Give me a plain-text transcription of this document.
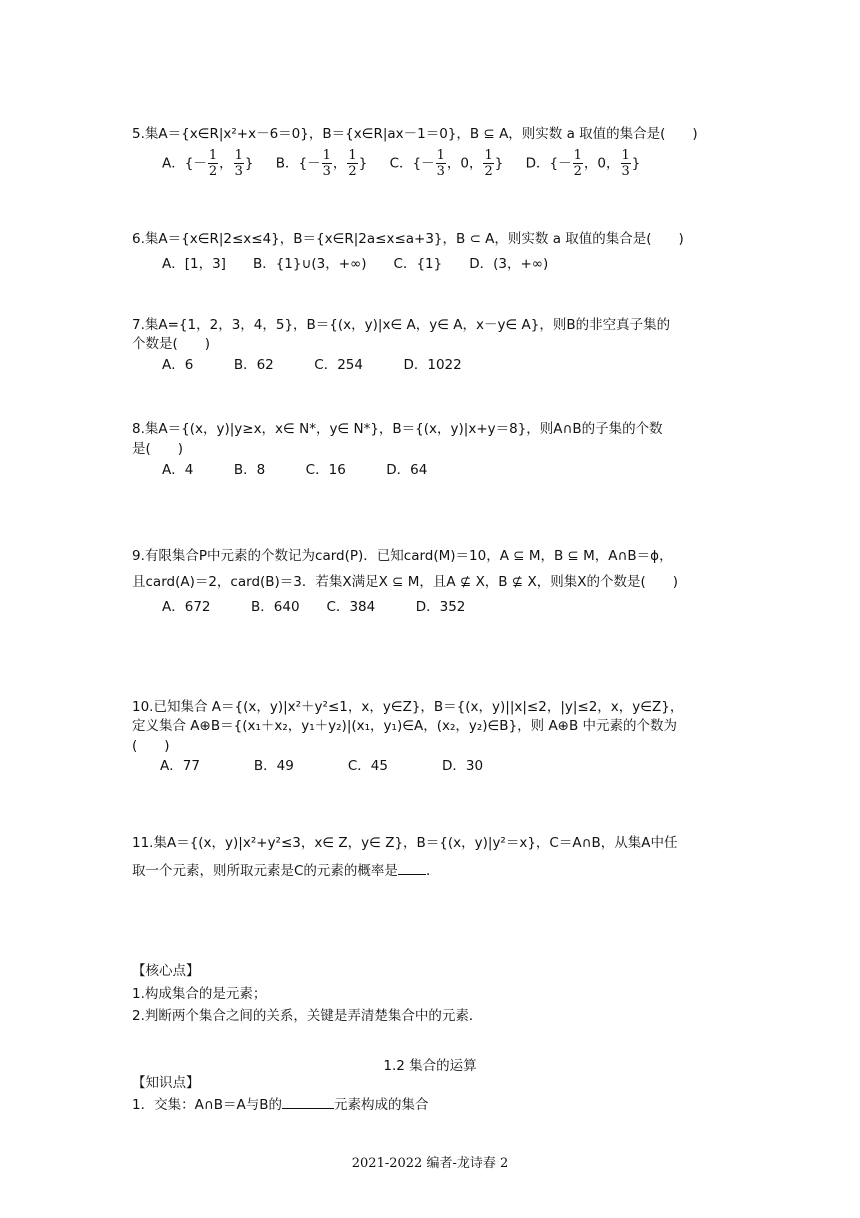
5.集A＝{x∈R|x²+x－6＝0}，B＝{x∈R|ax－1＝0}，B ⊆ A，则实数 a 取值的集合是(　　)
A．{－ $\frac{1}{2}$ ， $\frac{1}{3}$ } B．{－ $\frac{1}{3}$ ， $\frac{1}{2}$ } C．{－ $\frac{1}{3}$ ，0， $\frac{1}{2}$ } D．{－ $\frac{1}{2}$ ，0， $\frac{1}{3}$ }
6.集A＝{x∈R|2≤x≤4}，B＝{x∈R|2a≤x≤a+3}，B ⊂ A，则实数 a 取值的集合是(　　)
A．[1，3]　　B．{1}∪(3，+∞)　　C．{1}　　D．(3，+∞)
7.集A={1，2，3，4，5}，B＝{(x，y)|x∈ A，y∈ A，x－y∈ A}，则B的非空真子集的
个数是(　　)
A．6　　　B．62　　　C．254　　　D．1022
8.集A＝{(x，y)|y≥x，x∈ N*，y∈ N*}，B＝{(x，y)|x+y＝8}，则A∩B的子集的个数
是(　　)
A．4　　　B．8　　　C．16　　　D．64
9.有限集合P中元素的个数记为card(P)．已知card(M)＝10，A ⊆ M，B ⊆ M，A∩B＝ϕ，
且card(A)＝2，card(B)＝3．若集X满足X ⊆ M，且A ⊈ X，B ⊈ X，则集X的个数是(　　)
A．672　　　B．640　　C．384　　　D．352
10.已知集合 A＝{(x，y)|x²＋y²≤1，x，y∈Z}，B＝{(x，y)||x|≤2，|y|≤2，x，y∈Z}，
定义集合 A⊕B＝{(x₁＋x₂，y₁＋y₂)|(x₁，y₁)∈A，(x₂，y₂)∈B}，则 A⊕B 中元素的个数为
(　　)
A．77　　　　B．49　　　　C．45　　　　D．30
11.集A＝{(x，y)|x²+y²≤3，x∈ Z，y∈ Z}，B＝{(x，y)|y²＝x}，C＝A∩B，从集A中任
取一个元素，则所取元素是C的元素的概率是 ．
【核心点】
1.构成集合的是元素；
2.判断两个集合之间的关系，关键是弄清楚集合中的元素．
1.2 集合的运算
【知识点】
1．交集：A∩B＝A与B的	元素构成的集合
2021-2022 编者-龙诗春 2
